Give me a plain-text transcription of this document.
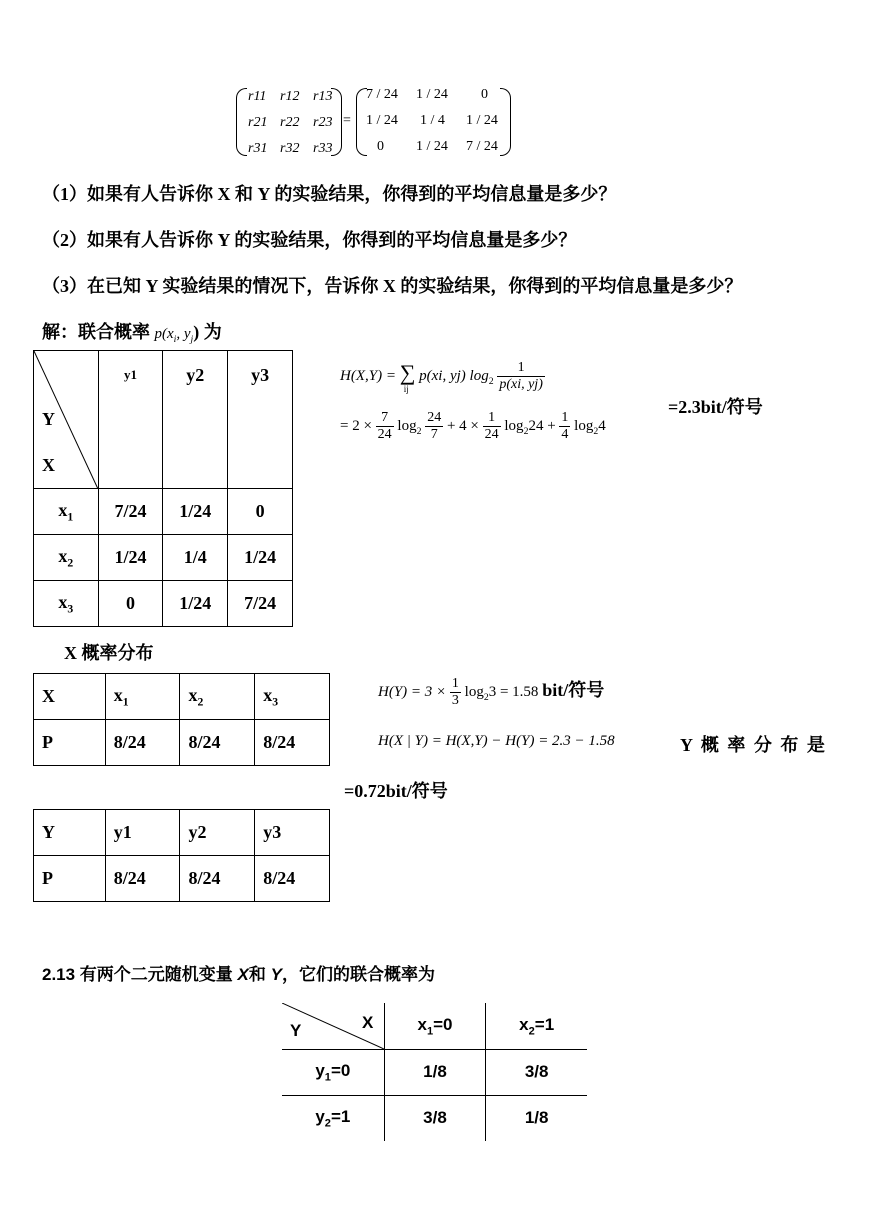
r11 r12 r13
r21 r22 r23
r31 r32 r33
=
7 / 24 1 / 24 0
1 / 24 1 / 4 1 / 24
0 1 / 24 7 / 24
（1）如果有人告诉你 X 和 Y 的实验结果，你得到的平均信息量是多少？
（2）如果有人告诉你 Y 的实验结果，你得到的平均信息量是多少？
（3）在已知 Y 实验结果的情况下，告诉你 X 的实验结果，你得到的平均信息量是多少？
解：联合概率 $p(x_i$, $y_j$) 为
Y
X	y1	y2	y3
$x_1$	7/24	1/24	0
$x_2$	1/24	1/4	1/24
$x_3$	0	1/24	7/24
H(X,Y) = ∑
ij
p(xi, yj) $\log_2 \frac{1}{p(xi, yj)}$
= $2 \times \frac{7}{24} \log_2 \frac{24}{7} + 4 \times \frac{1}{24} \log_224 + \frac{1}{4} \log_24$
=2.3bit/符号
X 概率分布
X	$x_1$	$x_2$	$x_3$
P	8/24	8/24	8/24
$H(Y) = 3 \times \frac{1}{3} \log_23 = 1.58$ bit/符号
H(X | Y) = H(X,Y) − H(Y) = 2.3 − 1.58	Y 概 率 分 布 是
=0.72bit/符号
Y	y1	y2	y3
P	8/24	8/24	8/24
2.13 有两个二元随机变量 X和 Y，它们的联合概率为
Y X	$x_1=0$	$x_2=1$
$y_1=0$	1/8	3/8
$y_2=1$	3/8	1/8
